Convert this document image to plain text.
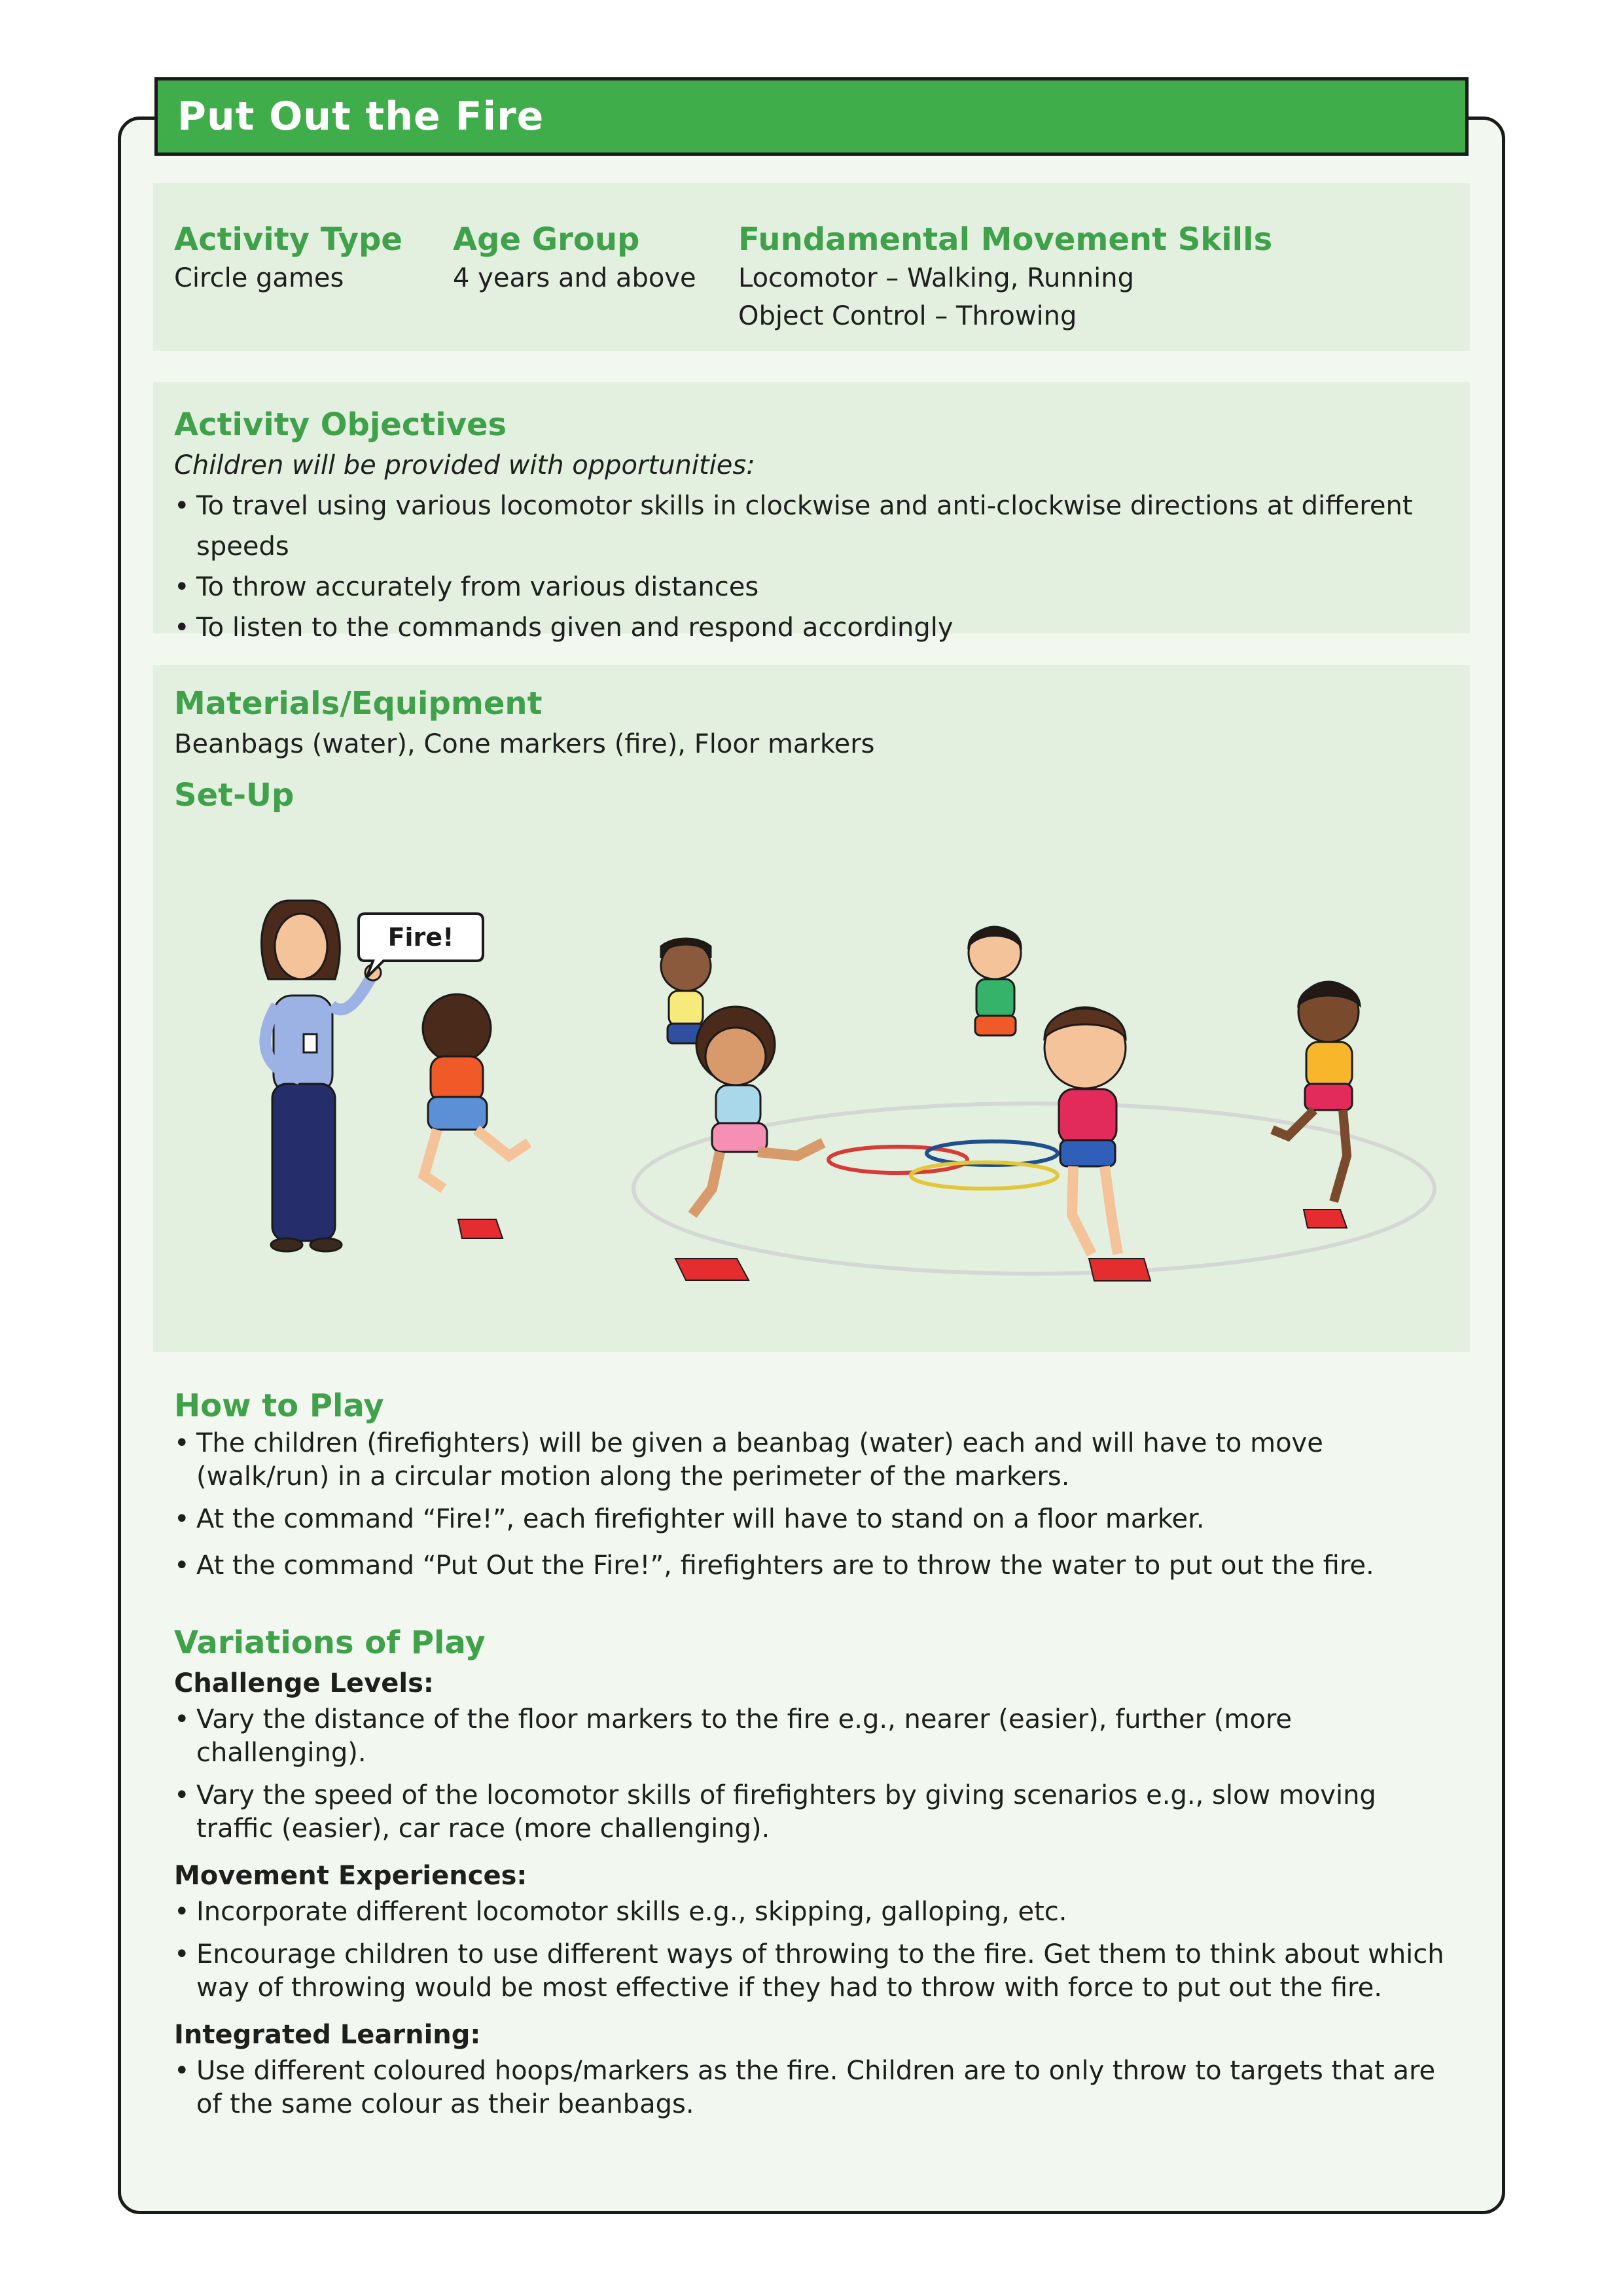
Put Out the Fire

Activity Type

Circle games

Age Group

4 years and above

Fundamental Movement Skills

Locomotor – Walking, Running

Object Control – Throwing

Activity Objectives

Children will be provided with opportunities:

• To travel using various locomotor skills in clockwise and anti-clockwise directions at different speeds
• To throw accurately from various distances
• To listen to the commands given and respond accordingly

Materials/Equipment

Beanbags (water), Cone markers (fire), Floor markers

Set-Up

Fire!

How to Play

• The children (firefighters) will be given a beanbag (water) each and will have to move (walk/run) in a circular motion along the perimeter of the markers.
• At the command “Fire!”, each firefighter will have to stand on a floor marker.
• At the command “Put Out the Fire!”, firefighters are to throw the water to put out the fire.

Variations of Play

Challenge Levels:

• Vary the distance of the floor markers to the fire e.g., nearer (easier), further (more challenging).
• Vary the speed of the locomotor skills of firefighters by giving scenarios e.g., slow moving traffic (easier), car race (more challenging).

Movement Experiences:

• Incorporate different locomotor skills e.g., skipping, galloping, etc.
• Encourage children to use different ways of throwing to the fire. Get them to think about which way of throwing would be most effective if they had to throw with force to put out the fire.

Integrated Learning:

• Use different coloured hoops/markers as the fire. Children are to only throw to targets that are of the same colour as their beanbags.
